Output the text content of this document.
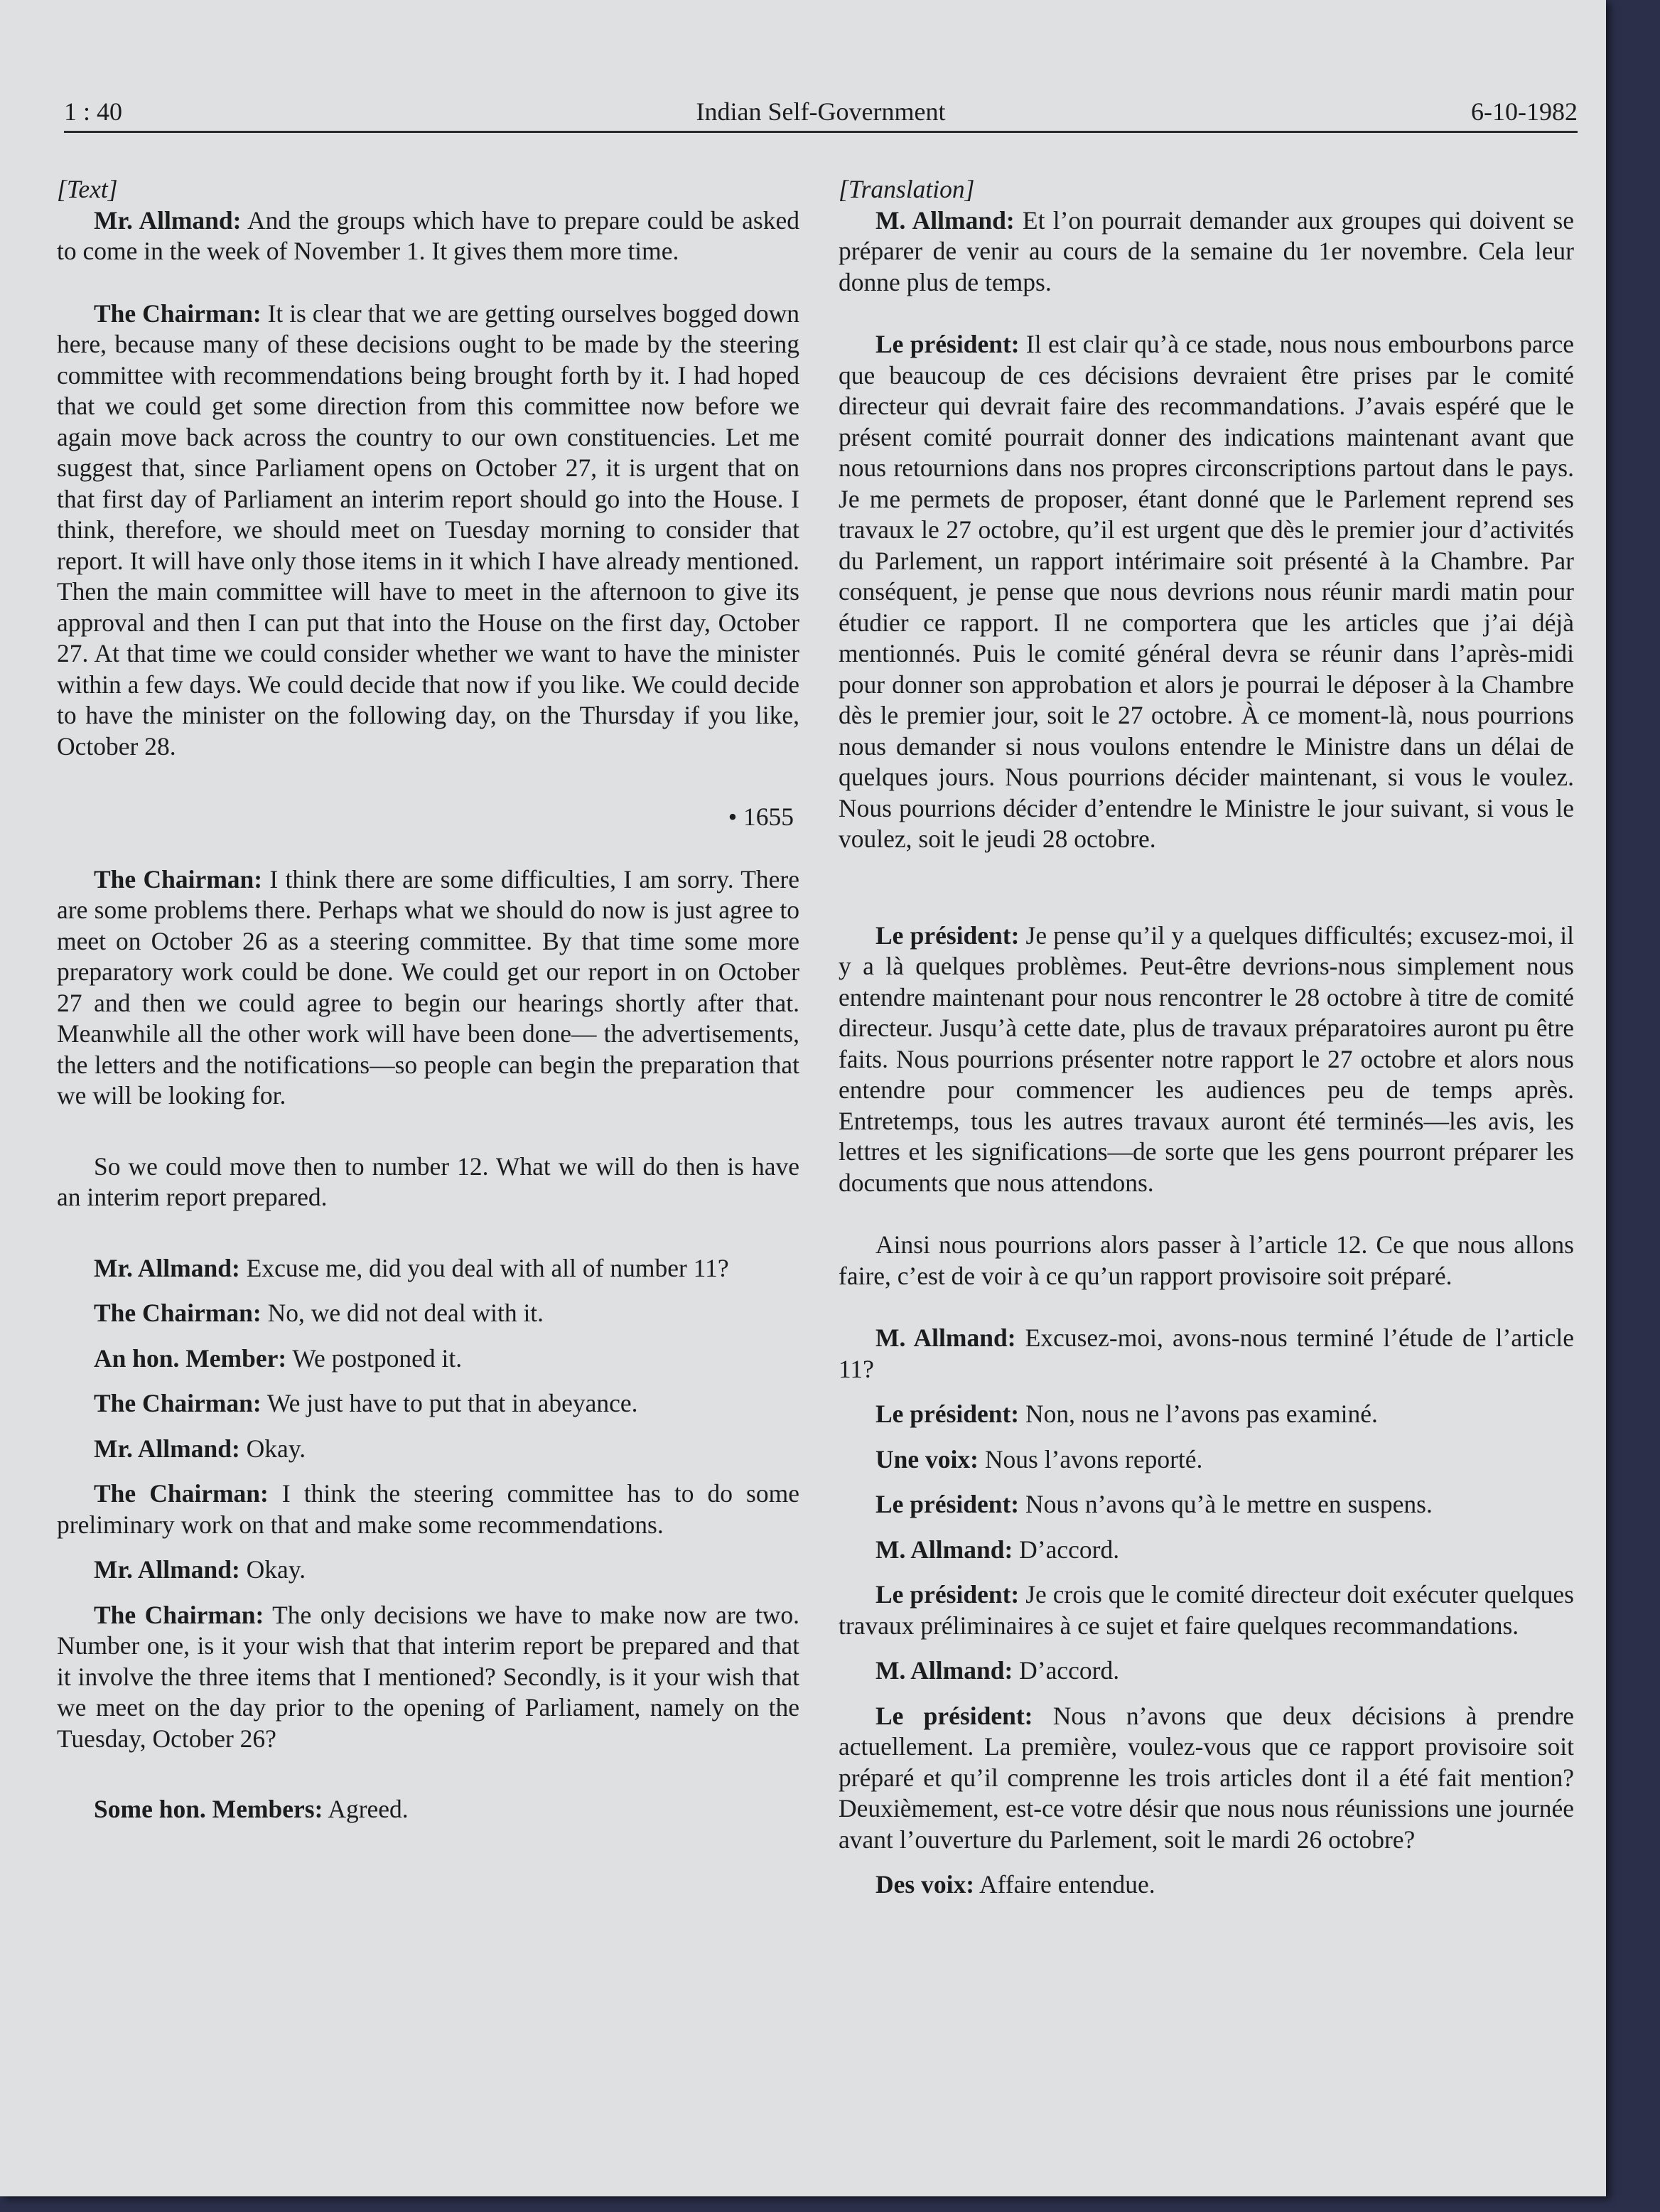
1 : 40	Indian Self-Government	6-10-1982

[Text]

Mr. Allmand: And the groups which have to prepare could be asked to come in the week of November 1. It gives them more time.

The Chairman: It is clear that we are getting ourselves bogged down here, because many of these decisions ought to be made by the steering committee with recommendations being brought forth by it. I had hoped that we could get some direction from this committee now before we again move back across the country to our own constituencies. Let me suggest that, since Parliament opens on October 27, it is urgent that on that first day of Parliament an interim report should go into the House. I think, therefore, we should meet on Tuesday morning to consider that report. It will have only those items in it which I have already mentioned. Then the main committee will have to meet in the afternoon to give its approval and then I can put that into the House on the first day, October 27. At that time we could consider whether we want to have the minister within a few days. We could decide that now if you like. We could decide to have the minister on the following day, on the Thursday if you like, October 28.

• 1655

The Chairman: I think there are some difficulties, I am sorry. There are some problems there. Perhaps what we should do now is just agree to meet on October 26 as a steering committee. By that time some more preparatory work could be done. We could get our report in on October 27 and then we could agree to begin our hearings shortly after that. Meanwhile all the other work will have been done— the advertisements, the letters and the notifications—so people can begin the preparation that we will be looking for.

So we could move then to number 12. What we will do then is have an interim report prepared.

Mr. Allmand: Excuse me, did you deal with all of number 11?

The Chairman: No, we did not deal with it.

An hon. Member: We postponed it.

The Chairman: We just have to put that in abeyance.

Mr. Allmand: Okay.

The Chairman: I think the steering committee has to do some preliminary work on that and make some recommendations.

Mr. Allmand: Okay.

The Chairman: The only decisions we have to make now are two. Number one, is it your wish that that interim report be prepared and that it involve the three items that I mentioned? Secondly, is it your wish that we meet on the day prior to the opening of Parliament, namely on the Tuesday, October 26?

Some hon. Members: Agreed.

[Translation]

M. Allmand: Et l’on pourrait demander aux groupes qui doivent se préparer de venir au cours de la semaine du 1er novembre. Cela leur donne plus de temps.

Le président: Il est clair qu’à ce stade, nous nous embourbons parce que beaucoup de ces décisions devraient être prises par le comité directeur qui devrait faire des recommandations. J’avais espéré que le présent comité pourrait donner des indications maintenant avant que nous retournions dans nos propres circonscriptions partout dans le pays. Je me permets de proposer, étant donné que le Parlement reprend ses travaux le 27 octobre, qu’il est urgent que dès le premier jour d’activités du Parlement, un rapport intérimaire soit présenté à la Chambre. Par conséquent, je pense que nous devrions nous réunir mardi matin pour étudier ce rapport. Il ne comportera que les articles que j’ai déjà mentionnés. Puis le comité général devra se réunir dans l’après-midi pour donner son approbation et alors je pourrai le déposer à la Chambre dès le premier jour, soit le 27 octobre. À ce moment-là, nous pourrions nous demander si nous voulons entendre le Ministre dans un délai de quelques jours. Nous pourrions décider maintenant, si vous le voulez. Nous pourrions décider d’entendre le Ministre le jour suivant, si vous le voulez, soit le jeudi 28 octobre.

Le président: Je pense qu’il y a quelques difficultés; excusez-moi, il y a là quelques problèmes. Peut-être devrions-nous simplement nous entendre maintenant pour nous rencontrer le 28 octobre à titre de comité directeur. Jusqu’à cette date, plus de travaux préparatoires auront pu être faits. Nous pourrions présenter notre rapport le 27 octobre et alors nous entendre pour commencer les audiences peu de temps après. Entretemps, tous les autres travaux auront été terminés—les avis, les lettres et les significations—de sorte que les gens pourront préparer les documents que nous attendons.

Ainsi nous pourrions alors passer à l’article 12. Ce que nous allons faire, c’est de voir à ce qu’un rapport provisoire soit préparé.

M. Allmand: Excusez-moi, avons-nous terminé l’étude de l’article 11?

Le président: Non, nous ne l’avons pas examiné.

Une voix: Nous l’avons reporté.

Le président: Nous n’avons qu’à le mettre en suspens.

M. Allmand: D’accord.

Le président: Je crois que le comité directeur doit exécuter quelques travaux préliminaires à ce sujet et faire quelques recommandations.

M. Allmand: D’accord.

Le président: Nous n’avons que deux décisions à prendre actuellement. La première, voulez-vous que ce rapport provisoire soit préparé et qu’il comprenne les trois articles dont il a été fait mention? Deuxièmement, est-ce votre désir que nous nous réunissions une journée avant l’ouverture du Parlement, soit le mardi 26 octobre?

Des voix: Affaire entendue.
